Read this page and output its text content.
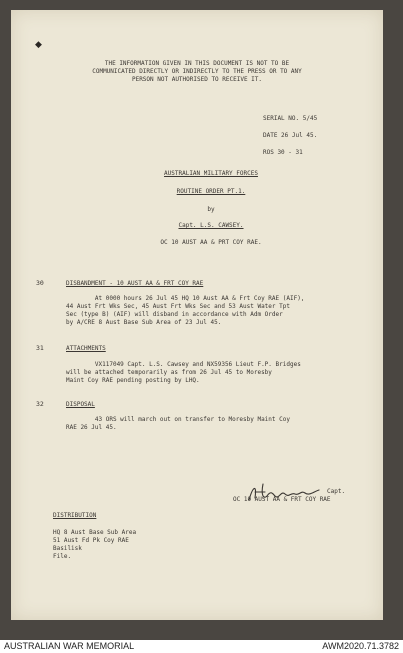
◆
THE INFORMATION GIVEN IN THIS DOCUMENT IS NOT TO BE
COMMUNICATED DIRECTLY OR INDIRECTLY TO THE PRESS OR TO ANY
PERSON NOT AUTHORISED TO RECEIVE IT.
SERIAL NO. 5/45
DATE 26 Jul 45.
ROS 30 - 31
AUSTRALIAN MILITARY FORCES
ROUTINE ORDER PT.1.
by
Capt. L.S. CAWSEY.
OC 10 AUST AA & PRT COY RAE.
30	DISBANDMENT - 10 AUST AA & FRT COY RAE
At 0000 hours 26 Jul 45 HQ 10 Aust AA & Frt Coy RAE (AIF),
44 Aust Frt Wks Sec, 45 Aust Frt Wks Sec and 53 Aust Water Tpt
Sec (type B) (AIF) will disband in accordance with Adm Order
by A/CRE 8 Aust Base Sub Area of 23 Jul 45.
31	ATTACHMENTS
VX117049 Capt. L.S. Cawsey and NX59356 Lieut F.P. Bridges
will be attached temporarily as from 26 Jul 45 to Moresby
Maint Coy RAE pending posting by LHQ.
32	DISPOSAL
43 ORS will march out on transfer to Moresby Maint Coy
RAE 26 Jul 45.
Capt.
OC 10 AUST AA & FRT COY RAE
DISTRIBUTION
HQ 8 Aust Base Sub Area
51 Aust Fd Pk Coy RAE
Basilisk
File.
AUSTRALIAN WAR MEMORIAL	AWM2020.71.3782
